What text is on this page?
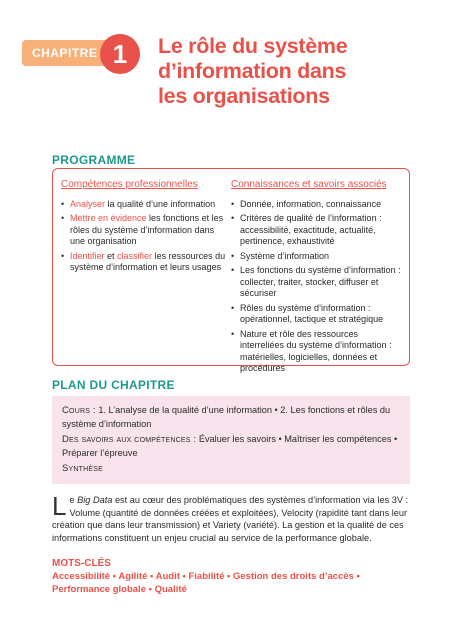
CHAPITRE 1	Le rôle du système
d’information dans
les organisations
PROGRAMME
Compétences professionnelles
• Analyser la qualité d’une information
• Mettre en évidence les fonctions et les rôles du système d’information dans une organisation
• Identifier et classifier les ressources du système d’information et leurs usages
Connaissances et savoirs associés
• Donnée, information, connaissance
• Critères de qualité de l’information : accessibilité, exactitude, actualité, pertinence, exhaustivité
• Système d’information
• Les fonctions du système d’information : collecter, traiter, stocker, diffuser et sécuriser
• Rôles du système d’information : opérationnel, tactique et stratégique
• Nature et rôle des ressources interreliées du système d’information : matérielles, logicielles, données et procédures
PLAN DU CHAPITRE
Cours : 1. L’analyse de la qualité d’une information • 2. Les fonctions et rôles du système d’information
Des savoirs aux compétences : Évaluer les savoirs • Maîtriser les compétences • Préparer l’épreuve
Synthèse

Le Big Data est au cœur des problématiques des systèmes d’information via les 3V : Volume (quantité de données créées et exploitées), Velocity (rapidité tant dans leur création que dans leur transmission) et Variety (variété). La gestion et la qualité de ces informations constituent un enjeu crucial au service de la performance globale.

MOTS-CLÉS
Accessibilité • Agilité • Audit • Fiabilité • Gestion des droits d’accès • Performance globale • Qualité
